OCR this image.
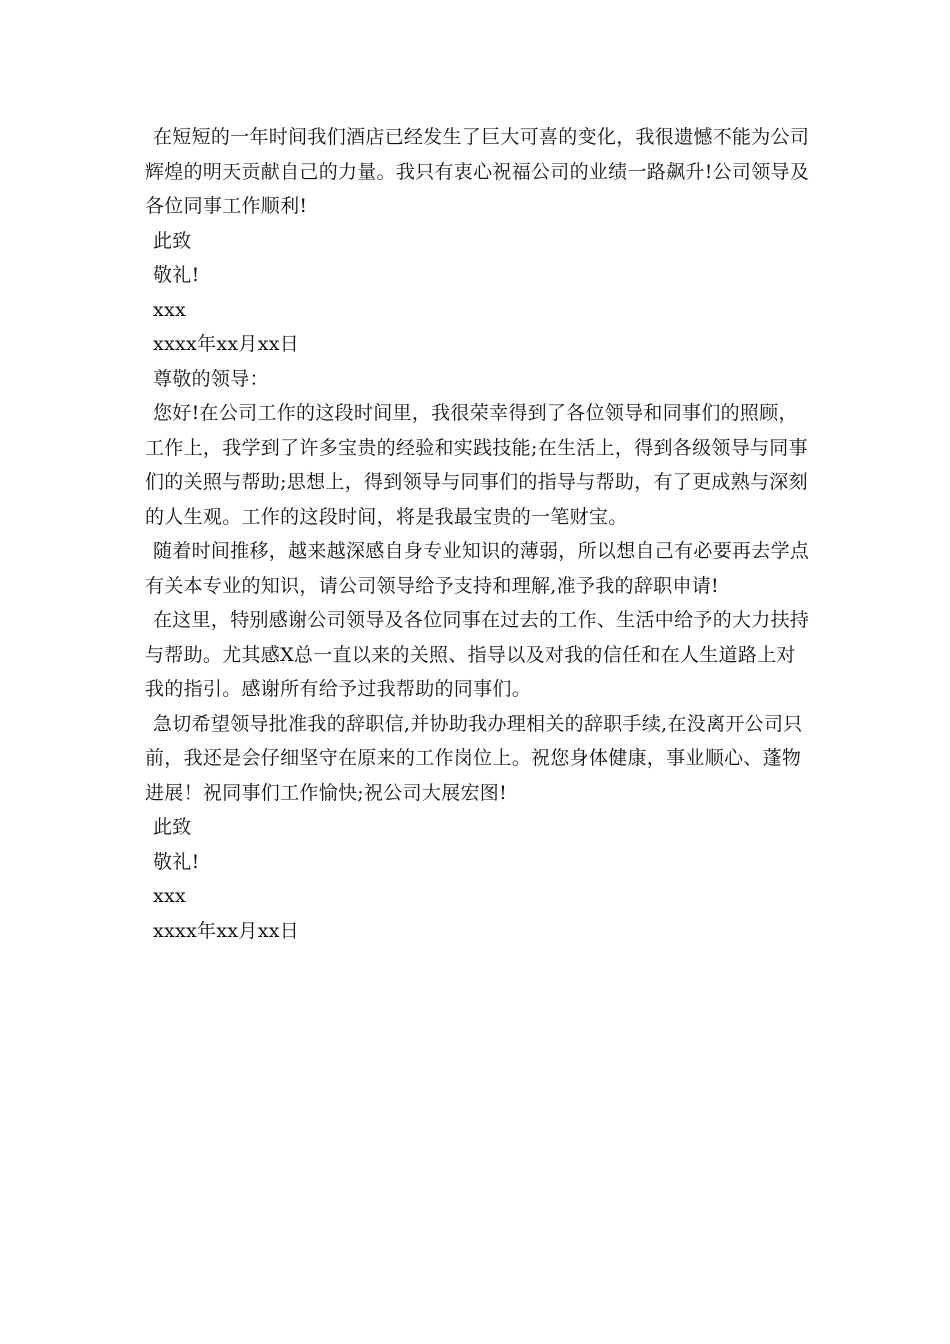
在短短的一年时间我们酒店已经发生了巨大可喜的变化，我很遗憾不能为公司辉煌的明天贡献自己的力量。我只有衷心祝福公司的业绩一路飙升!公司领导及各位同事工作顺利!

此致

敬礼!

xxx

xxxx年xx月xx日

尊敬的领导：

您好!在公司工作的这段时间里，我很荣幸得到了各位领导和同事们的照顾，工作上，我学到了许多宝贵的经验和实践技能;在生活上，得到各级领导与同事们的关照与帮助;思想上，得到领导与同事们的指导与帮助，有了更成熟与深刻的人生观。工作的这段时间，将是我最宝贵的一笔财宝。

随着时间推移，越来越深感自身专业知识的薄弱，所以想自己有必要再去学点有关本专业的知识，请公司领导给予支持和理解,准予我的辞职申请!

在这里，特别感谢公司领导及各位同事在过去的工作、生活中给予的大力扶持与帮助。尤其感X总一直以来的关照、指导以及对我的信任和在人生道路上对我的指引。感谢所有给予过我帮助的同事们。

急切希望领导批准我的辞职信,并协助我办理相关的辞职手续,在没离开公司只前，我还是会仔细坚守在原来的工作岗位上。祝您身体健康，事业顺心、蓬物进展！祝同事们工作愉快;祝公司大展宏图!

此致

敬礼!

xxx

xxxx年xx月xx日
